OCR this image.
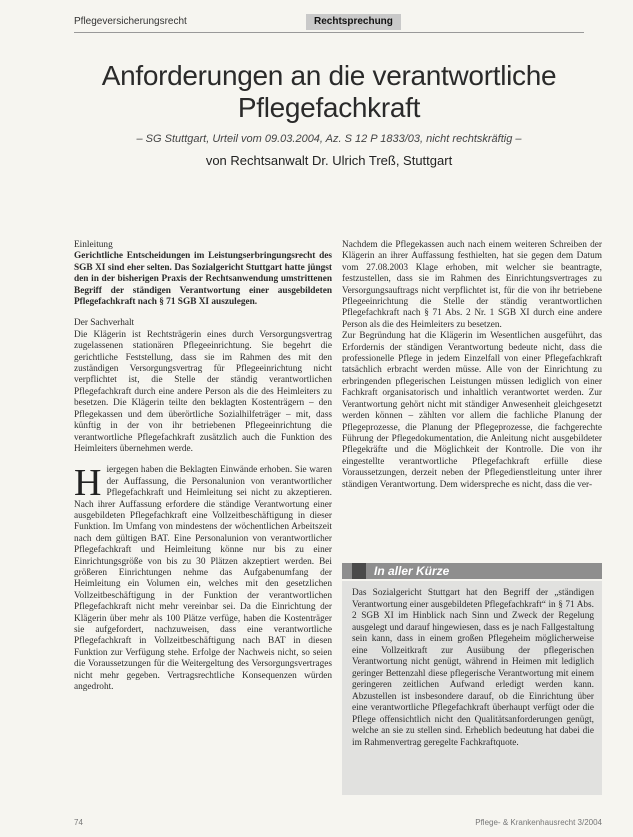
Pflegeversicherungsrecht	Rechtsprechung
Anforderungen an die verantwortliche
Pflegefachkraft
– SG Stuttgart, Urteil vom 09.03.2004, Az. S 12 P 1833/03, nicht rechtskräftig –
von Rechtsanwalt Dr. Ulrich Treß, Stuttgart

Einleitung

Gerichtliche Entscheidungen im Leistungserbringungsrecht des SGB XI sind eher selten. Das Sozialgericht Stuttgart hatte jüngst den in der bisherigen Praxis der Rechtsanwendung umstrittenen Begriff der ständigen Verantwortung einer ausgebildeten Pflegefachkraft nach § 71 SGB XI auszulegen.

Der Sachverhalt

Die Klägerin ist Rechtsträgerin eines durch Versorgungsvertrag zugelassenen stationären Pflegeeinrichtung. Sie begehrt die gerichtliche Feststellung, dass sie im Rahmen des mit den zuständigen Versorgungsvertrag für Pflegeeinrichtung nicht verpflichtet ist, die Stelle der ständig verantwortlichen Pflegefachkraft durch eine andere Person als die des Heimleiters zu besetzen. Die Klägerin teilte den beklagten Kostenträgern – den Pflegekassen und dem überörtliche Sozialhilfeträger – mit, dass künftig in der von ihr betriebenen Pflegeeinrichtung die verantwortliche Pflegefachkraft zusätzlich auch die Funktion des Heimleiters übernehmen werde.

Hiergegen haben die Beklagten Einwände erhoben. Sie waren der Auffassung, die Personalunion von verantwortlicher Pflegefachkraft und Heimleitung sei nicht zu akzeptieren. Nach ihrer Auffassung erfordere die ständige Verantwortung einer ausgebildeten Pflegefachkraft eine Vollzeitbeschäftigung in dieser Funktion. Im Umfang von mindestens der wöchentlichen Arbeitszeit nach dem gültigen BAT. Eine Personalunion von verantwortlicher Pflegefachkraft und Heimleitung könne nur bis zu einer Einrichtungsgröße von bis zu 30 Plätzen akzeptiert werden. Bei größeren Einrichtungen nehme das Aufgabenumfang der Heimleitung ein Volumen ein, welches mit den gesetzlichen Vollzeitbeschäftigung in der Funktion der verantwortlichen Pflegefachkraft nicht mehr vereinbar sei. Da die Einrichtung der Klägerin über mehr als 100 Plätze verfüge, haben die Kostenträger sie aufgefordert, nachzuweisen, dass eine verantwortliche Pflegefachkraft in Vollzeitbeschäftigung nach BAT in diesen Funktion zur Verfügung stehe. Erfolge der Nachweis nicht, so seien die Voraussetzungen für die Weitergeltung des Versorgungsvertrages nicht mehr gegeben. Vertragsrechtliche Konsequenzen würden angedroht.

Nachdem die Pflegekassen auch nach einem weiteren Schreiben der Klägerin an ihrer Auffassung festhielten, hat sie gegen dem Datum vom 27.08.2003 Klage erhoben, mit welcher sie beantragte, festzustellen, dass sie im Rahmen des Einrichtungsvertrages zu Versorgungsauftrags nicht verpflichtet ist, für die von ihr betriebene Pflegeeinrichtung die Stelle der ständig verantwortlichen Pflegefachkraft nach § 71 Abs. 2 Nr. 1 SGB XI durch eine andere Person als die des Heimleiters zu besetzen.

Zur Begründung hat die Klägerin im Wesentlichen ausgeführt, das Erfordernis der ständigen Verantwortung bedeute nicht, dass die professionelle Pflege in jedem Einzelfall von einer Pflegefachkraft tatsächlich erbracht werden müsse. Alle von der Einrichtung zu erbringenden pflegerischen Leistungen müssen lediglich von einer Fachkraft organisatorisch und inhaltlich verantwortet werden. Zur Verantwortung gehört nicht mit ständiger Anwesenheit gleichgesetzt werden können – zählten vor allem die fachliche Planung der Pflegeprozesse, die Planung der Pflegeprozesse, die fachgerechte Führung der Pflegedokumentation, die Anleitung nicht ausgebildeter Pflegekräfte und die Möglichkeit der Kontrolle. Die von ihr eingestellte verantwortliche Pflegefachkraft erfülle diese Voraussetzungen, derzeit neben der Pflegedienstleitung unter ihrer ständigen Verantwortung. Dem widerspreche es nicht, dass die ver-

In aller Kürze
Das Sozialgericht Stuttgart hat den Begriff der „ständigen Verantwortung einer ausgebildeten Pflegefachkraft“ in § 71 Abs. 2 SGB XI im Hinblick nach Sinn und Zweck der Regelung ausgelegt und darauf hingewiesen, dass es je nach Fallgestaltung sein kann, dass in einem großen Pflegeheim möglicherweise eine Vollzeitkraft zur Ausübung der pflegerischen Verantwortung nicht genügt, während in Heimen mit lediglich geringer Bettenzahl diese pflegerische Verantwortung mit einem geringeren zeitlichen Aufwand erledigt werden kann. Abzustellen ist insbesondere darauf, ob die Einrichtung über eine verantwortliche Pflegefachkraft überhaupt verfügt oder die Pflege offensichtlich nicht den Qualitätsanforderungen genügt, welche an sie zu stellen sind. Erheblich bedeutung hat dabei die im Rahmenvertrag geregelte Fachkraftquote.
74	Pflege- & Krankenhausrecht 3/2004
